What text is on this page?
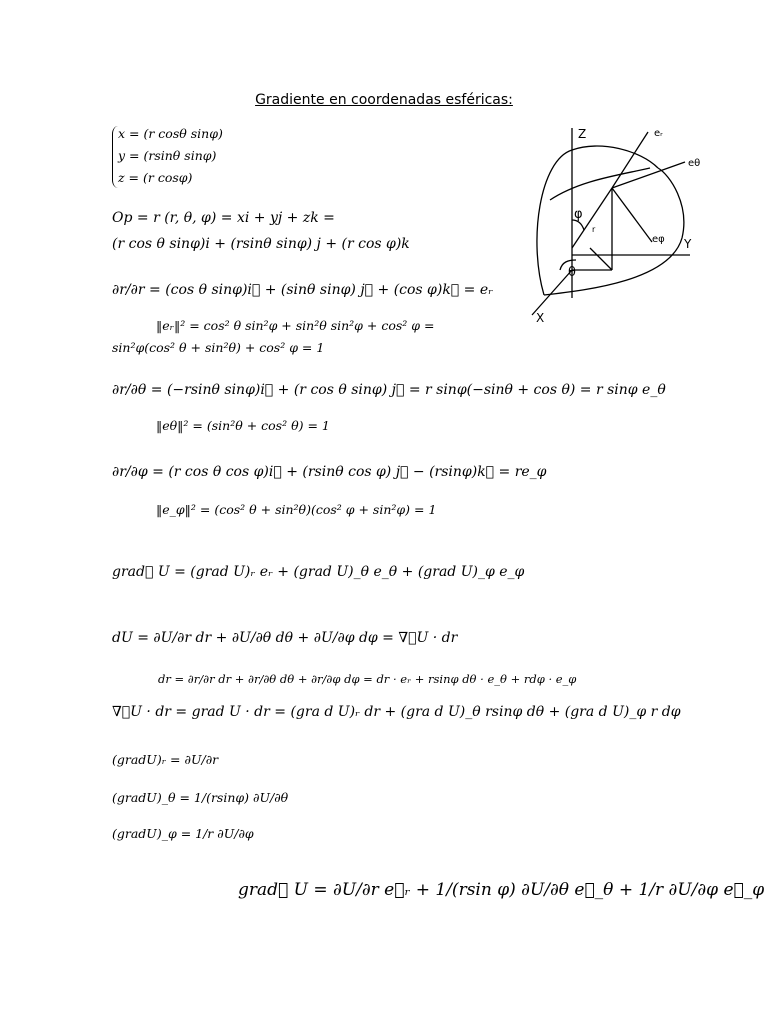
Gradiente en coordenadas esféricas:
x = (r cosθ sinφ)
y = (rsinθ sinφ)
z = (r cosφ)
Op = r (r, θ, φ) = xi + yj + zk =
(r cos θ sinφ)i + (rsinθ sinφ) j + (r cos φ)k
∂r/∂r = (cos θ sinφ)i⃗ + (sinθ sinφ) j⃗ + (cos φ)k⃗ = eᵣ
‖eᵣ‖² = cos² θ sin²φ + sin²θ sin²φ + cos² φ =
sin²φ(cos² θ + sin²θ) + cos² φ = 1
∂r/∂θ = (−rsinθ sinφ)i⃗ + (r cos θ sinφ) j⃗ = r sinφ(−sinθ + cos θ) = r sinφ e_θ
‖eθ‖² = (sin²θ + cos² θ) = 1
∂r/∂φ = (r cos θ cos φ)i⃗ + (rsinθ cos φ) j⃗ − (rsinφ)k⃗ = re_φ
‖e_φ‖² = (cos² θ + sin²θ)(cos² φ + sin²φ) = 1
grad⃗ U = (grad U)ᵣ eᵣ + (grad U)_θ e_θ + (grad U)_φ e_φ
dU = ∂U/∂r dr + ∂U/∂θ dθ + ∂U/∂φ dφ = ∇⃗U · dr
dr = ∂r/∂r dr + ∂r/∂θ dθ + ∂r/∂φ dφ = dr · eᵣ + rsinφ dθ · e_θ + rdφ · e_φ
∇⃗U · dr = grad U · dr = (gra d U)ᵣ dr + (gra d U)_θ rsinφ dθ + (gra d U)_φ r dφ
(gradU)ᵣ = ∂U/∂r
(gradU)_θ = 1/(rsinφ) ∂U/∂θ
(gradU)_φ = 1/r ∂U/∂φ
grad⃗ U = ∂U/∂r e⃗ᵣ + 1/(rsin φ) ∂U/∂θ e⃗_θ + 1/r ∂U/∂φ e⃗_φ
Z
Y
X
eᵣ
eθ
eφ
φ
θ
r
